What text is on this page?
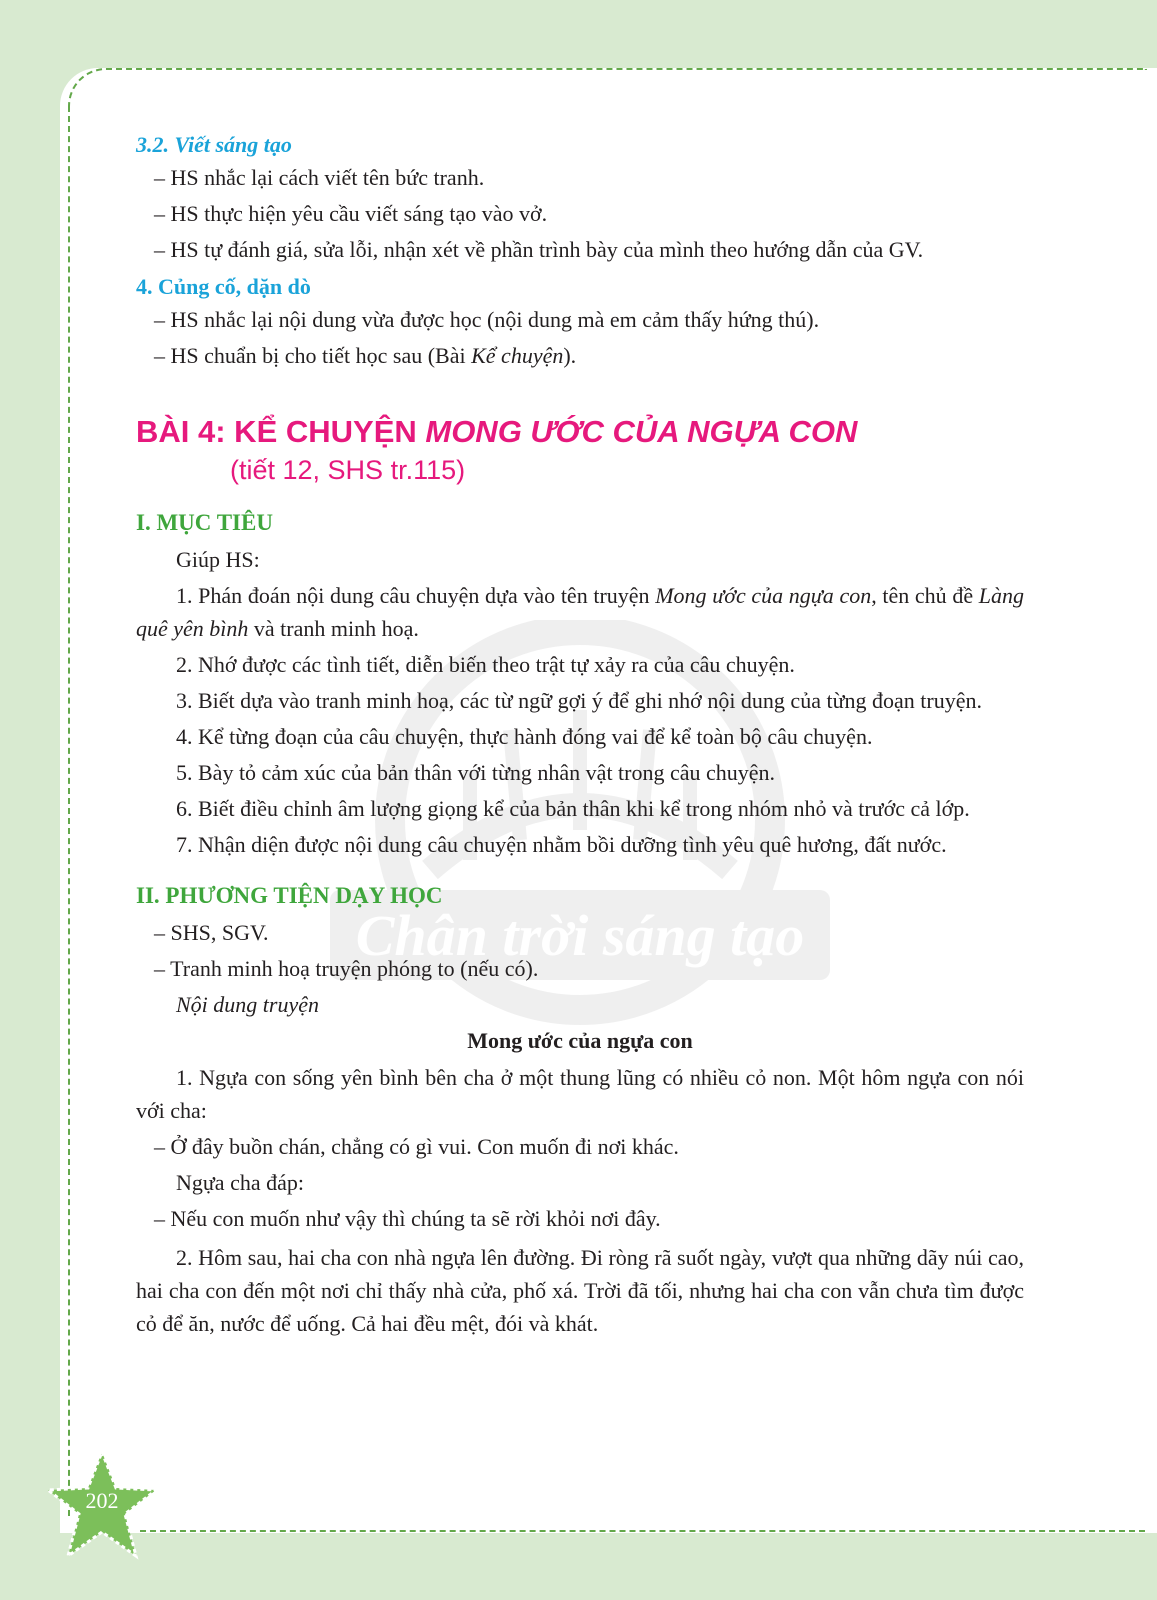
Chân trời sáng tạo

3.2. Viết sáng tạo

– HS nhắc lại cách viết tên bức tranh.

– HS thực hiện yêu cầu viết sáng tạo vào vở.

– HS tự đánh giá, sửa lỗi, nhận xét về phần trình bày của mình theo hướng dẫn của GV.

4. Củng cố, dặn dò

– HS nhắc lại nội dung vừa được học (nội dung mà em cảm thấy hứng thú).

– HS chuẩn bị cho tiết học sau (Bài Kể chuyện).

BÀI 4: KỂ CHUYỆN MONG ƯỚC CỦA NGỰA CON

(tiết 12, SHS tr.115)

I. MỤC TIÊU

Giúp HS:

1. Phán đoán nội dung câu chuyện dựa vào tên truyện Mong ước của ngựa con, tên chủ đề Làng quê yên bình và tranh minh hoạ.

2. Nhớ được các tình tiết, diễn biến theo trật tự xảy ra của câu chuyện.

3. Biết dựa vào tranh minh hoạ, các từ ngữ gợi ý để ghi nhớ nội dung của từng đoạn truyện.

4. Kể từng đoạn của câu chuyện, thực hành đóng vai để kể toàn bộ câu chuyện.

5. Bày tỏ cảm xúc của bản thân với từng nhân vật trong câu chuyện.

6. Biết điều chỉnh âm lượng giọng kể của bản thân khi kể trong nhóm nhỏ và trước cả lớp.

7. Nhận diện được nội dung câu chuyện nhằm bồi dưỡng tình yêu quê hương, đất nước.

II. PHƯƠNG TIỆN DẠY HỌC

– SHS, SGV.

– Tranh minh hoạ truyện phóng to (nếu có).

Nội dung truyện

Mong ước của ngựa con

1. Ngựa con sống yên bình bên cha ở một thung lũng có nhiều cỏ non. Một hôm ngựa con nói với cha:

– Ở đây buồn chán, chẳng có gì vui. Con muốn đi nơi khác.

Ngựa cha đáp:

– Nếu con muốn như vậy thì chúng ta sẽ rời khỏi nơi đây.

2. Hôm sau, hai cha con nhà ngựa lên đường. Đi ròng rã suốt ngày, vượt qua những dãy núi cao, hai cha con đến một nơi chỉ thấy nhà cửa, phố xá. Trời đã tối, nhưng hai cha con vẫn chưa tìm được cỏ để ăn, nước để uống. Cả hai đều mệt, đói và khát.

202
